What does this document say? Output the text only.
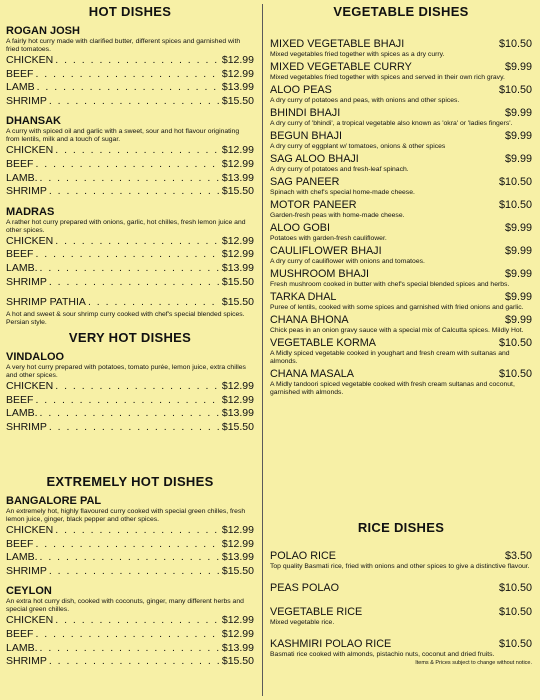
HOT DISHES
ROGAN JOSH
A fairly hot curry made with clarified butter, different spices and garnished with fried tomatoes.
CHICKEN . . .	$12.99
BEEF . . .	$12.99
LAMB . . .	$13.99
SHRIMP . . .	$15.50
DHANSAK
A curry with spiced oil and garlic with a sweet, sour and hot flavour originating from lentils, milk and a touch of sugar.
CHICKEN . . .	$12.99
BEEF . . .	$12.99
LAMB. . . .	$13.99
SHRIMP . . .	$15.50
MADRAS
A rather hot curry prepared with onions, garlic, hot chilles, fresh lemon juice and other spices.
CHICKEN . . .	$12.99
BEEF . . .	$12.99
LAMB. . . .	$13.99
SHRIMP . . .	$15.50
SHRIMP PATHIA . . .	$15.50
A hot and sweet & sour shrimp curry cooked with chef's special blended spices. Persian style.
VERY HOT DISHES
VINDALOO
A very hot curry prepared with potatoes, tomato purée, lemon juice, extra chilles and other spices.
CHICKEN . . .	$12.99
BEEF . . .	$12.99
LAMB. . . .	$13.99
SHRIMP . . .	$15.50
EXTREMELY HOT DISHES
BANGALORE PAL
An extremely hot, highly flavoured curry cooked with special green chilles, fresh lemon juice, ginger, black pepper and other spices.
CHICKEN . . .	$12.99
BEEF . . .	$12.99
LAMB. . . .	$13.99
SHRIMP . . .	$15.50
CEYLON
An extra hot curry dish, cooked with coconuts, ginger, many different herbs and special green chilles.
CHICKEN . . .	$12.99
BEEF . . .	$12.99
LAMB. . . .	$13.99
SHRIMP . . .	$15.50
VEGETABLE DISHES
MIXED VEGETABLE BHAJI	$10.50
Mixed vegetables fried together with spices as a dry curry.
MIXED VEGETABLE CURRY	$9.99
Mixed vegetables fried together with spices and served in their own rich gravy.
ALOO PEAS	$10.50
A dry curry of potatoes and peas, with onions and other spices.
BHINDI BHAJI	$9.99
A dry curry of 'bhindi', a tropical vegetable also known as 'okra' or 'ladies fingers'.
BEGUN BHAJI	$9.99
A dry curry of eggplant w/ tomatoes, onions & other spices
SAG ALOO BHAJI	$9.99
A dry curry of potatoes and fresh-leaf spinach.
SAG PANEER	$10.50
Spinach with chef's special home-made cheese.
MOTOR PANEER	$10.50
Garden-fresh peas with home-made cheese.
ALOO GOBI	$9.99
Potatoes with garden-fresh cauliflower.
CAULIFLOWER BHAJI	$9.99
A dry curry of cauliflower with onions and tomatoes.
MUSHROOM BHAJI	$9.99
Fresh mushroom cooked in butter with chef's special blended spices and herbs.
TARKA DHAL	$9.99
Puree of lentils, cooked with some spices and garnished with fried onions and garlic.
CHANA BHONA	$9.99
Chick peas in an onion gravy sauce with a special mix of Calcutta spices. Mildly Hot.
VEGETABLE KORMA	$10.50
A Midly spiced vegetable cooked in youghart and fresh cream with sultanas and almonds.
CHANA MASALA	$10.50
A Midly tandoori spiced vegetable cooked with fresh cream sultanas and coconut, garnished with almonds.
RICE DISHES
POLAO RICE	$3.50
Top quality Basmati rice, fried with onions and other spices to give a distinctive flavour.
PEAS POLAO	$10.50
VEGETABLE RICE	$10.50
Mixed vegetable rice.
KASHMIRI POLAO RICE	$10.50
Basmati rice cooked with almonds, pistachio nuts, coconut and dried fruits.
Items & Prices subject to change without notice.
